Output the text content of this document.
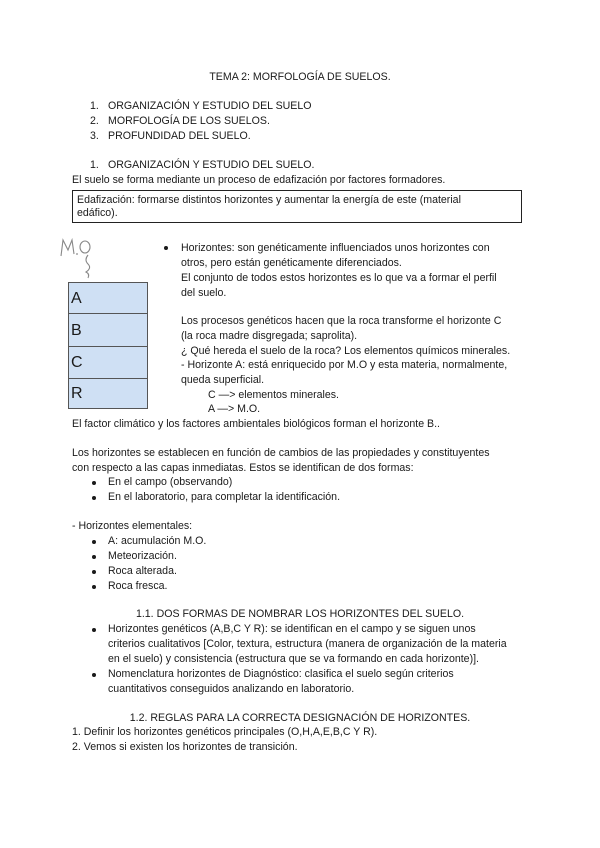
TEMA 2: MORFOLOGÍA DE SUELOS.
1. ORGANIZACIÓN Y ESTUDIO DEL SUELO
2. MORFOLOGÍA DE LOS SUELOS.
3. PROFUNDIDAD DEL SUELO.
1. ORGANIZACIÓN Y ESTUDIO DEL SUELO.
El suelo se forma mediante un proceso de edafización por factores formadores.
Edafización: formarse distintos horizontes y aumentar la energía de este (material
edáfico).
A
B
C
R
Horizontes: son genéticamente influenciados unos horizontes con
otros, pero están genéticamente diferenciados.
El conjunto de todos estos horizontes es lo que va a formar el perfil
del suelo.
Los procesos genéticos hacen que la roca transforme el horizonte C
(la roca madre disgregada; saprolita).
¿ Qué hereda el suelo de la roca? Los elementos químicos minerales.
- Horizonte A: está enriquecido por M.O y esta materia, normalmente,
queda superficial.
C —> elementos minerales.
A —> M.O.
El factor climático y los factores ambientales biológicos forman el horizonte B..
Los horizontes se establecen en función de cambios de las propiedades y constituyentes
con respecto a las capas inmediatas. Estos se identifican de dos formas:
En el campo (observando)
En el laboratorio, para completar la identificación.
- Horizontes elementales:
A: acumulación M.O.
Meteorización.
Roca alterada.
Roca fresca.
1.1. DOS FORMAS DE NOMBRAR LOS HORIZONTES DEL SUELO.
Horizontes genéticos (A,B,C Y R): se identifican en el campo y se siguen unos
criterios cualitativos [Color, textura, estructura (manera de organización de la materia
en el suelo) y consistencia (estructura que se va formando en cada horizonte)].
Nomenclatura horizontes de Diagnóstico: clasifica el suelo según criterios
cuantitativos conseguidos analizando en laboratorio.
1.2. REGLAS PARA LA CORRECTA DESIGNACIÓN DE HORIZONTES.
1. Definir los horizontes genéticos principales (O,H,A,E,B,C Y R).
2. Vemos si existen los horizontes de transición.
